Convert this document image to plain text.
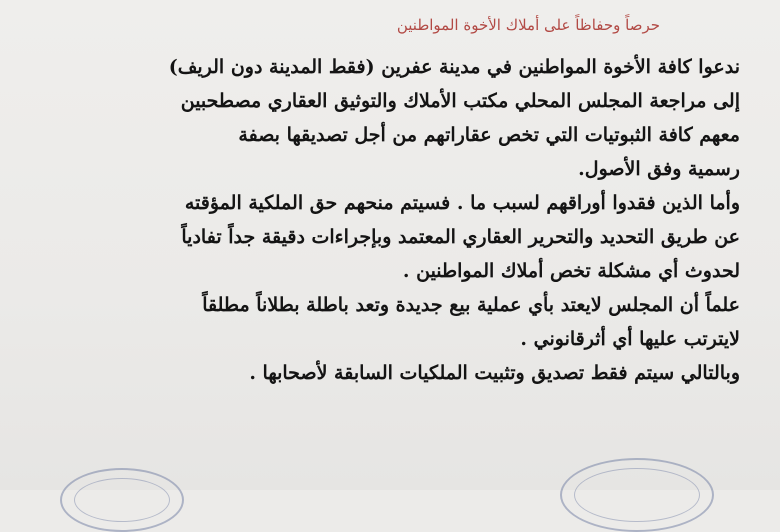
حرصاً وحفاظاً على أملاك الأخوة المواطنين
ندعوا كافة الأخوة المواطنين في مدينة عفرين (فقط المدينة دون الريف)
إلى مراجعة المجلس المحلي مكتب الأملاك والتوثيق العقاري مصطحبين
معهم كافة الثبوتيات التي تخص عقاراتهم من أجل تصديقها بصفة
رسمية وفق الأصول.
وأما الذين فقدوا أوراقهم لسبب ما . فسيتم منحهم حق الملكية المؤقته
عن طريق التحديد والتحرير العقاري المعتمد وبإجراءات دقيقة جداً تفادياً
لحدوث أي مشكلة تخص أملاك المواطنين .
علماً أن المجلس لايعتد بأي عملية بيع جديدة وتعد باطلة بطلاناً مطلقاً
لايترتب عليها أي أثرقانوني .
وبالتالي سيتم فقط تصديق وتثبيت الملكيات السابقة لأصحابها .
